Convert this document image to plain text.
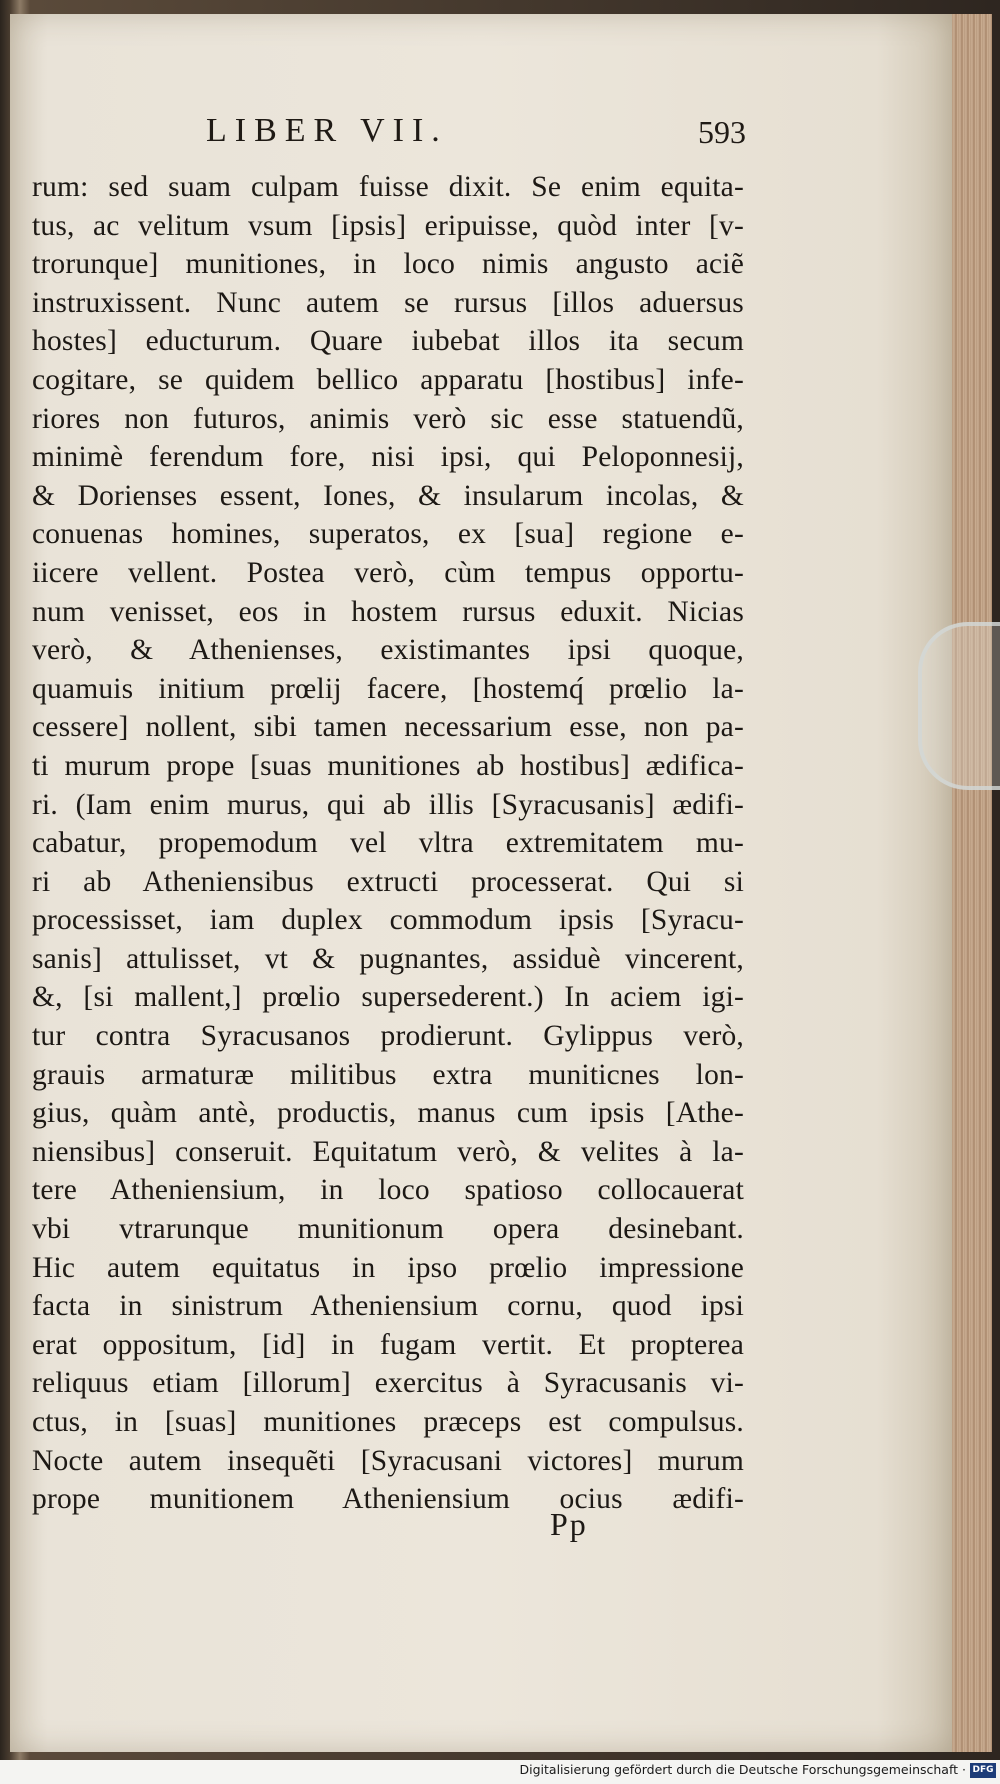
LIBER VII.	593
rum: sed suam culpam fuisse dixit. Se enim equita-
tus, ac velitum vsum [ipsis] eripuisse, quòd inter [v-
trorunque] munitiones, in loco nimis angusto aciẽ
instruxissent. Nunc autem se rursus [illos aduersus
hostes] educturum. Quare iubebat illos ita secum
cogitare, se quidem bellico apparatu [hostibus] infe-
riores non futuros, animis verò sic esse statuendũ,
minimè ferendum fore, nisi ipsi, qui Peloponnesij,
& Dorienses essent, Iones, & insularum incolas, &
conuenas homines, superatos, ex [sua] regione e-
iicere vellent. Postea verò, cùm tempus opportu-
num venisset, eos in hostem rursus eduxit. Nicias
verò, & Athenienses, existimantes ipsi quoque,
quamuis initium prœlij facere, [hostemq́ prœlio la-
cessere] nollent, sibi tamen necessarium esse, non pa-
ti murum prope [suas munitiones ab hostibus] ædifica-
ri. (Iam enim murus, qui ab illis [Syracusanis] ædifi-
cabatur, propemodum vel vltra extremitatem mu-
ri ab Atheniensibus extructi processerat. Qui si
processisset, iam duplex commodum ipsis [Syracu-
sanis] attulisset, vt & pugnantes, assiduè vincerent,
&, [si mallent,] prœlio supersederent.) In aciem igi-
tur contra Syracusanos prodierunt. Gylippus verò,
grauis armaturæ militibus extra muniticnes lon-
gius, quàm antè, productis, manus cum ipsis [Athe-
niensibus] conseruit. Equitatum verò, & velites à la-
tere Atheniensium, in loco spatioso collocauerat
vbi vtrarunque munitionum opera desinebant.
Hic autem equitatus in ipso prœlio impressione
facta in sinistrum Atheniensium cornu, quod ipsi
erat oppositum, [id] in fugam vertit. Et propterea
reliquus etiam [illorum] exercitus à Syracusanis vi-
ctus, in [suas] munitiones præceps est compulsus.
Nocte autem insequẽti [Syracusani victores] murum
prope munitionem Atheniensium ocius ædifi-
Pp
Digitalisierung gefördert durch die Deutsche Forschungsgemeinschaft · DFG
